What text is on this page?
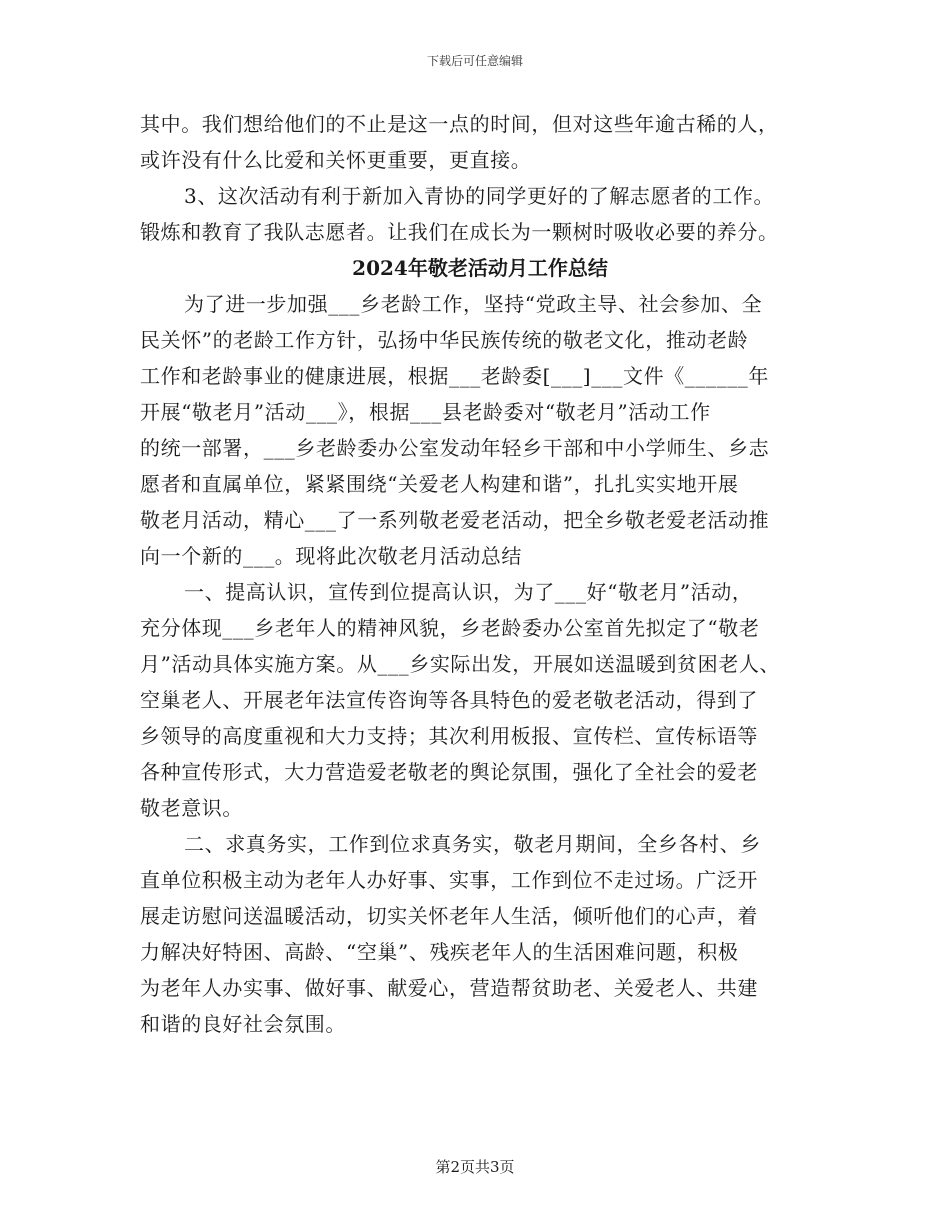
下载后可任意编辑
其中。我们想给他们的不止是这一点的时间，但对这些年逾古稀的人，
或许没有什么比爱和关怀更重要，更直接。
3、这次活动有利于新加入青协的同学更好的了解志愿者的工作。
锻炼和教育了我队志愿者。让我们在成长为一颗树时吸收必要的养分。
2024年敬老活动月工作总结
为了进一步加强___乡老龄工作，坚持“党政主导、社会参加、全
民关怀”的老龄工作方针，弘扬中华民族传统的敬老文化，推动老龄
工作和老龄事业的健康进展，根据___老龄委[___]___文件《______年
开展“敬老月”活动___》，根据___县老龄委对“敬老月”活动工作
的统一部署，___乡老龄委办公室发动年轻乡干部和中小学师生、乡志
愿者和直属单位，紧紧围绕“关爱老人构建和谐”，扎扎实实地开展
敬老月活动，精心___了一系列敬老爱老活动，把全乡敬老爱老活动推
向一个新的___。现将此次敬老月活动总结
一、提高认识，宣传到位提高认识，为了___好“敬老月”活动，
充分体现___乡老年人的精神风貌，乡老龄委办公室首先拟定了“敬老
月”活动具体实施方案。从___乡实际出发，开展如送温暖到贫困老人、
空巢老人、开展老年法宣传咨询等各具特色的爱老敬老活动，得到了
乡领导的高度重视和大力支持；其次利用板报、宣传栏、宣传标语等
各种宣传形式，大力营造爱老敬老的舆论氛围，强化了全社会的爱老
敬老意识。
二、求真务实，工作到位求真务实，敬老月期间，全乡各村、乡
直单位积极主动为老年人办好事、实事，工作到位不走过场。广泛开
展走访慰问送温暖活动，切实关怀老年人生活，倾听他们的心声，着
力解决好特困、高龄、“空巢”、残疾老年人的生活困难问题，积极
为老年人办实事、做好事、献爱心，营造帮贫助老、关爱老人、共建
和谐的良好社会氛围。
第2页共3页
